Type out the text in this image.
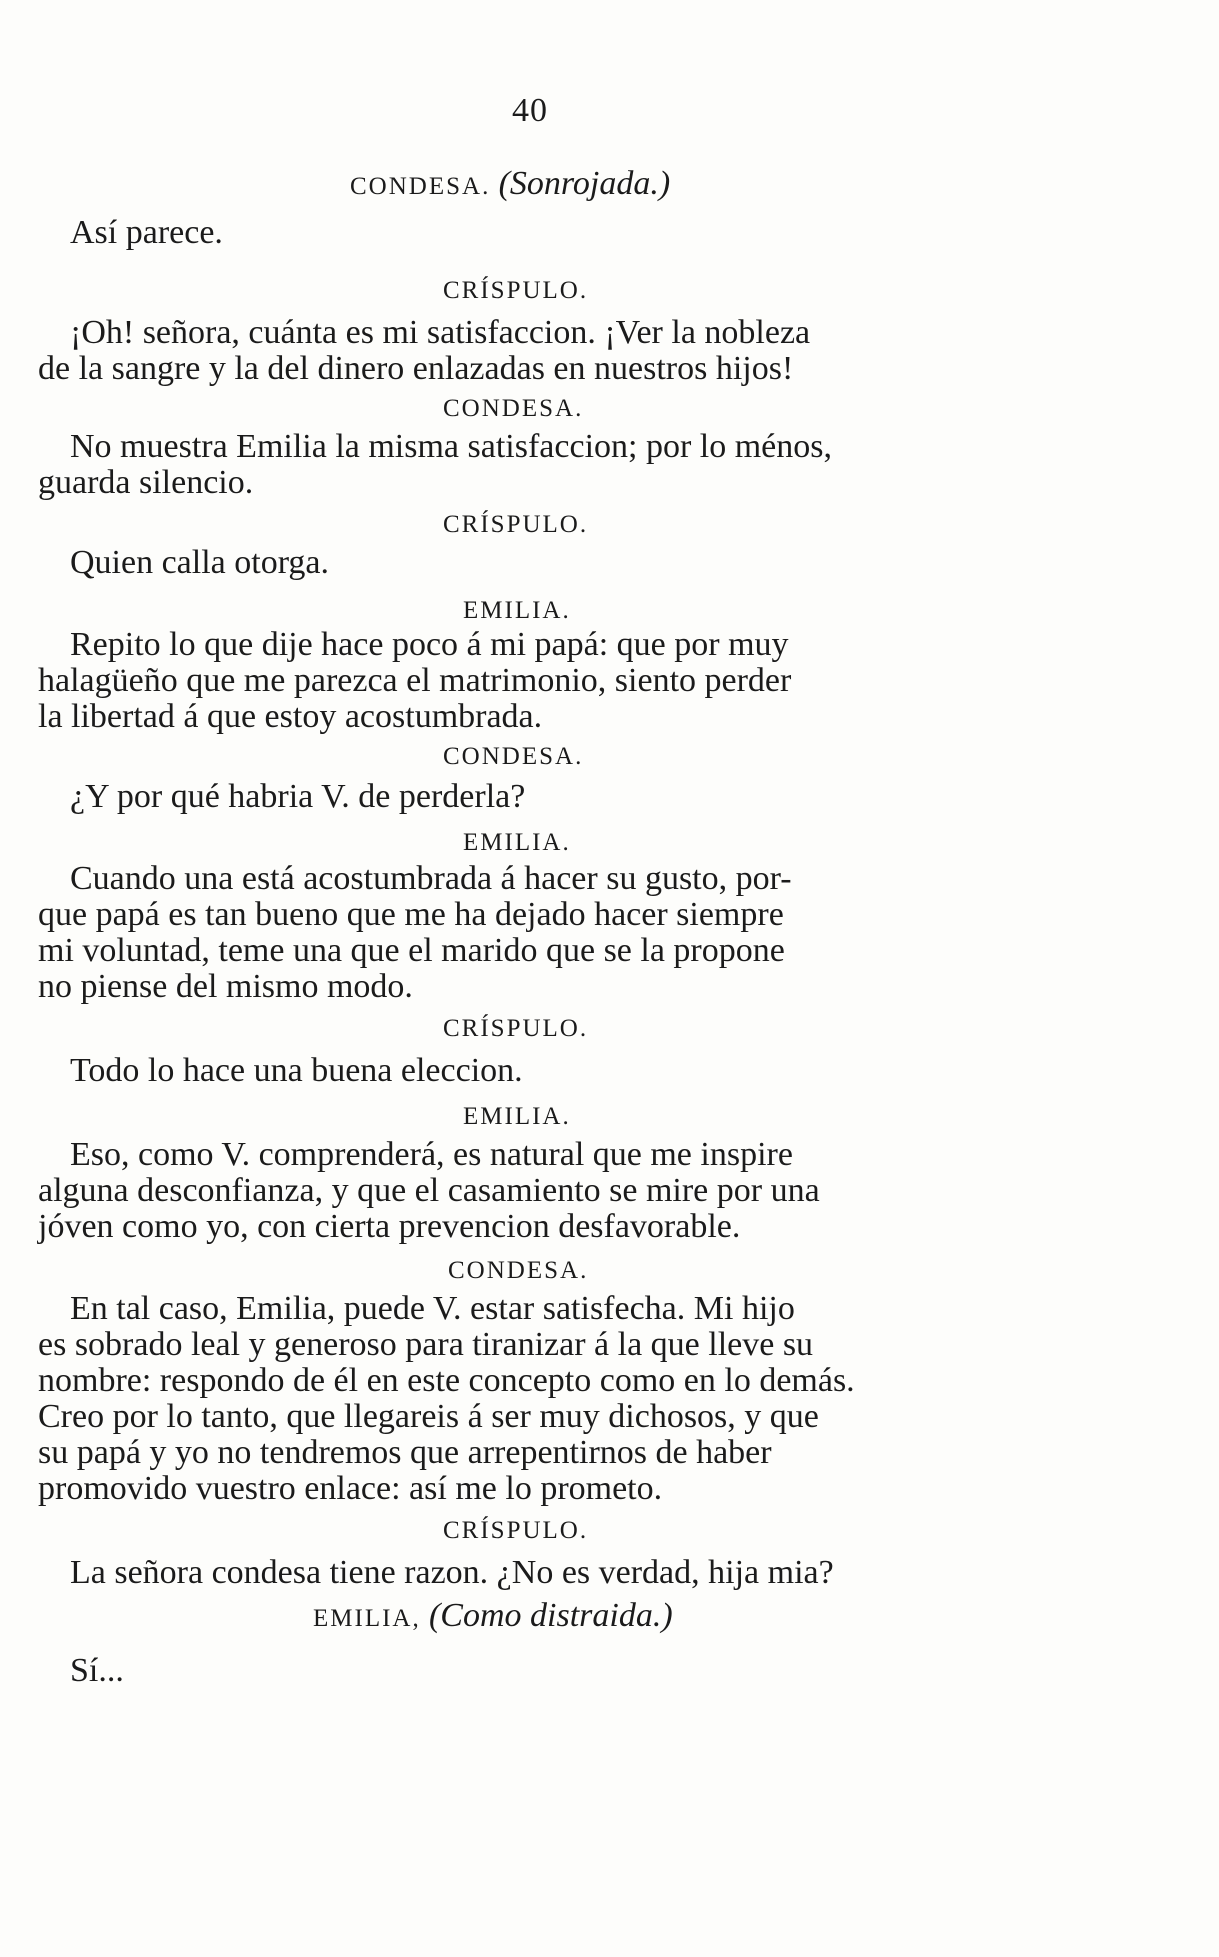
40

CONDESA. (Sonrojada.)

Así parece.

CRÍSPULO.

¡Oh! señora, cuánta es mi satisfaccion. ¡Ver la nobleza

de la sangre y la del dinero enlazadas en nuestros hijos!

CONDESA.

No muestra Emilia la misma satisfaccion; por lo ménos,

guarda silencio.

CRÍSPULO.

Quien calla otorga.

EMILIA.

Repito lo que dije hace poco á mi papá: que por muy

halagüeño que me parezca el matrimonio, siento perder

la libertad á que estoy acostumbrada.

CONDESA.

¿Y por qué habria V. de perderla?

EMILIA.

Cuando una está acostumbrada á hacer su gusto, por-

que papá es tan bueno que me ha dejado hacer siempre

mi voluntad, teme una que el marido que se la propone

no piense del mismo modo.

CRÍSPULO.

Todo lo hace una buena eleccion.

EMILIA.

Eso, como V. comprenderá, es natural que me inspire

alguna desconfianza, y que el casamiento se mire por una

jóven como yo, con cierta prevencion desfavorable.

CONDESA.

En tal caso, Emilia, puede V. estar satisfecha. Mi hijo

es sobrado leal y generoso para tiranizar á la que lleve su

nombre: respondo de él en este concepto como en lo demás.

Creo por lo tanto, que llegareis á ser muy dichosos, y que

su papá y yo no tendremos que arrepentirnos de haber

promovido vuestro enlace: así me lo prometo.

CRÍSPULO.

La señora condesa tiene razon. ¿No es verdad, hija mia?

EMILIA, (Como distraida.)

Sí...
